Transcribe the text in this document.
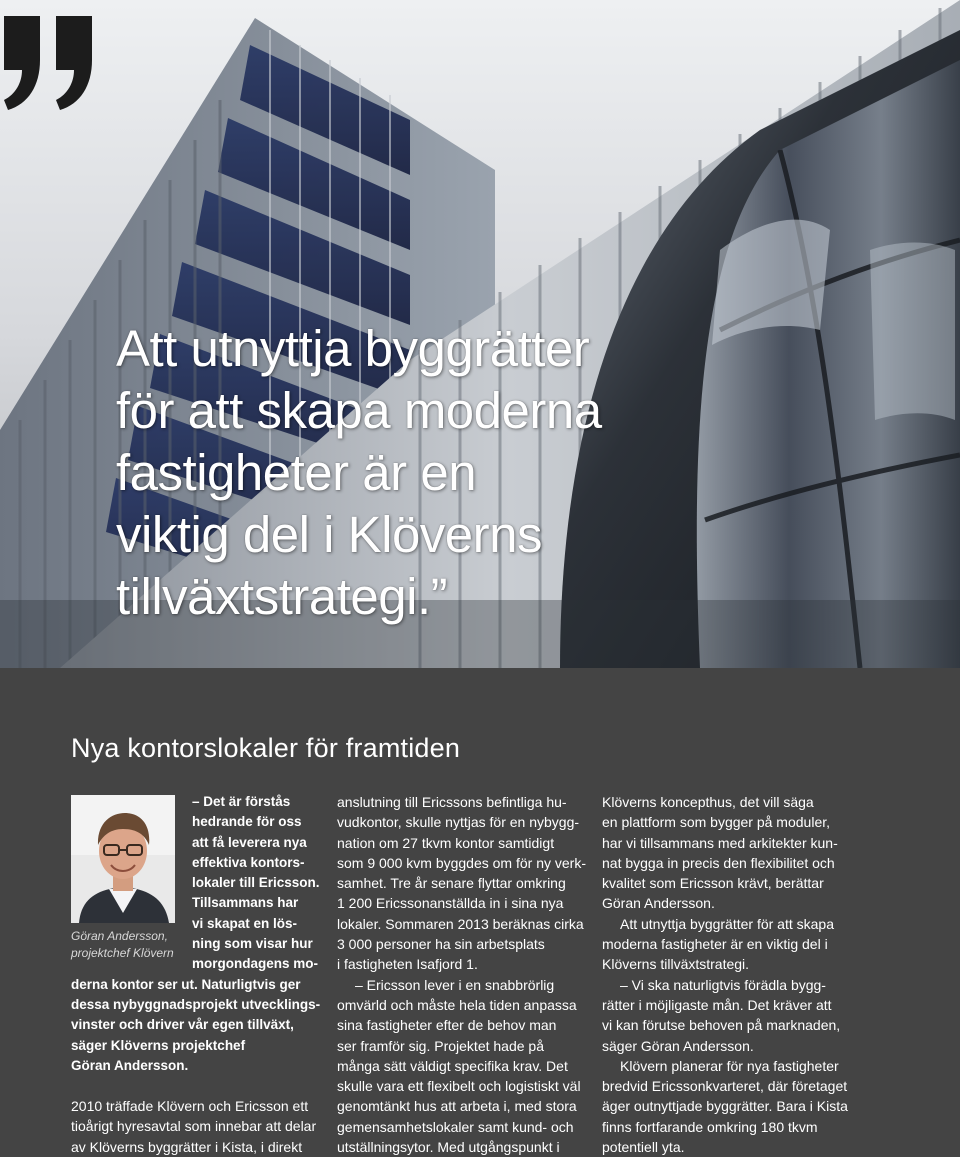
Att utnyttja byggrätter
för att skapa moderna
fastigheter är en
viktig del i Klöverns
tillväxtstrategi.”
Nya kontorslokaler för framtiden

Göran Andersson,
projektchef Klövern

– Det är förstås
hedrande för oss
att få leverera nya
effektiva kontors-
lokaler till Ericsson.
Tillsammans har
vi skapat en lös-
ning som visar hur
morgondagens mo-
derna kontor ser ut. Naturligtvis ger
dessa nybyggnadsprojekt utvecklings-
vinster och driver vår egen tillväxt,
säger Klöverns projektchef
Göran Andersson.

2010 träffade Klövern och Ericsson ett
tioårigt hyresavtal som innebar att delar
av Klöverns byggrätter i Kista, i direkt

anslutning till Ericssons befintliga hu-
vudkontor, skulle nyttjas för en nybygg-
nation om 27 tkvm kontor samtidigt
som 9 000 kvm byggdes om för ny verk-
samhet. Tre år senare flyttar omkring
1 200 Ericssonanställda in i sina nya
lokaler. Sommaren 2013 beräknas cirka
3 000 personer ha sin arbetsplats
i fastigheten Isafjord 1.
– Ericsson lever i en snabbrörlig
omvärld och måste hela tiden anpassa
sina fastigheter efter de behov man
ser framför sig. Projektet hade på
många sätt väldigt specifika krav. Det
skulle vara ett flexibelt och logistiskt väl
genomtänkt hus att arbeta i, med stora
gemensamhetslokaler samt kund- och
utställningsytor. Med utgångspunkt i
Klöverns koncepthus, det vill säga
en plattform som bygger på moduler,
har vi tillsammans med arkitekter kun-
nat bygga in precis den flexibilitet och
kvalitet som Ericsson krävt, berättar
Göran Andersson.
Att utnyttja byggrätter för att skapa
moderna fastigheter är en viktig del i
Klöverns tillväxtstrategi.
– Vi ska naturligtvis förädla bygg-
rätter i möjligaste mån. Det kräver att
vi kan förutse behoven på marknaden,
säger Göran Andersson.
Klövern planerar för nya fastigheter
bredvid Ericssonkvarteret, där företaget
äger outnyttjade byggrätter. Bara i Kista
finns fortfarande omkring 180 tkvm
potentiell yta.
